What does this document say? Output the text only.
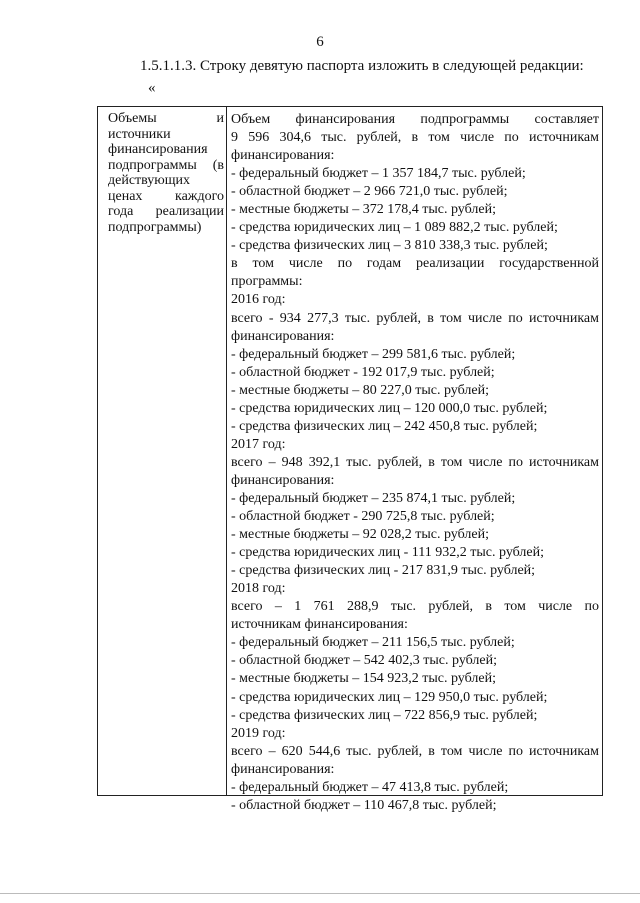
6
1.5.1.1.3. Строку девятую паспорта изложить в следующей редакции:
«
Объемы и
источники
финансирования
подпрограммы (в
действующих
ценах каждого
года реализации
подпрограммы)
Объем финансирования подпрограммы составляет
9 596 304,6 тыс. рублей, в том числе по источникам
финансирования:
- федеральный бюджет – 1 357 184,7 тыс. рублей;
- областной бюджет – 2 966 721,0 тыс. рублей;
- местные бюджеты – 372 178,4 тыс. рублей;
- средства юридических лиц – 1 089 882,2 тыс. рублей;
- средства физических лиц – 3 810 338,3 тыс. рублей;
в том числе по годам реализации государственной
программы:
2016 год:
всего - 934 277,3 тыс. рублей, в том числе по источникам
финансирования:
- федеральный бюджет – 299 581,6 тыс. рублей;
- областной бюджет - 192 017,9 тыс. рублей;
- местные бюджеты – 80 227,0 тыс. рублей;
- средства юридических лиц – 120 000,0 тыс. рублей;
- средства физических лиц – 242 450,8 тыс. рублей;
2017 год:
всего – 948 392,1 тыс. рублей, в том числе по источникам
финансирования:
- федеральный бюджет – 235 874,1 тыс. рублей;
- областной бюджет - 290 725,8 тыс. рублей;
- местные бюджеты – 92 028,2 тыс. рублей;
- средства юридических лиц - 111 932,2 тыс. рублей;
- средства физических лиц - 217 831,9 тыс. рублей;
2018 год:
всего – 1 761 288,9 тыс. рублей, в том числе по
источникам финансирования:
- федеральный бюджет – 211 156,5 тыс. рублей;
- областной бюджет – 542 402,3 тыс. рублей;
- местные бюджеты – 154 923,2 тыс. рублей;
- средства юридических лиц – 129 950,0 тыс. рублей;
- средства физических лиц – 722 856,9 тыс. рублей;
2019 год:
всего – 620 544,6 тыс. рублей, в том числе по источникам
финансирования:
- федеральный бюджет – 47 413,8 тыс. рублей;
- областной бюджет – 110 467,8 тыс. рублей;
